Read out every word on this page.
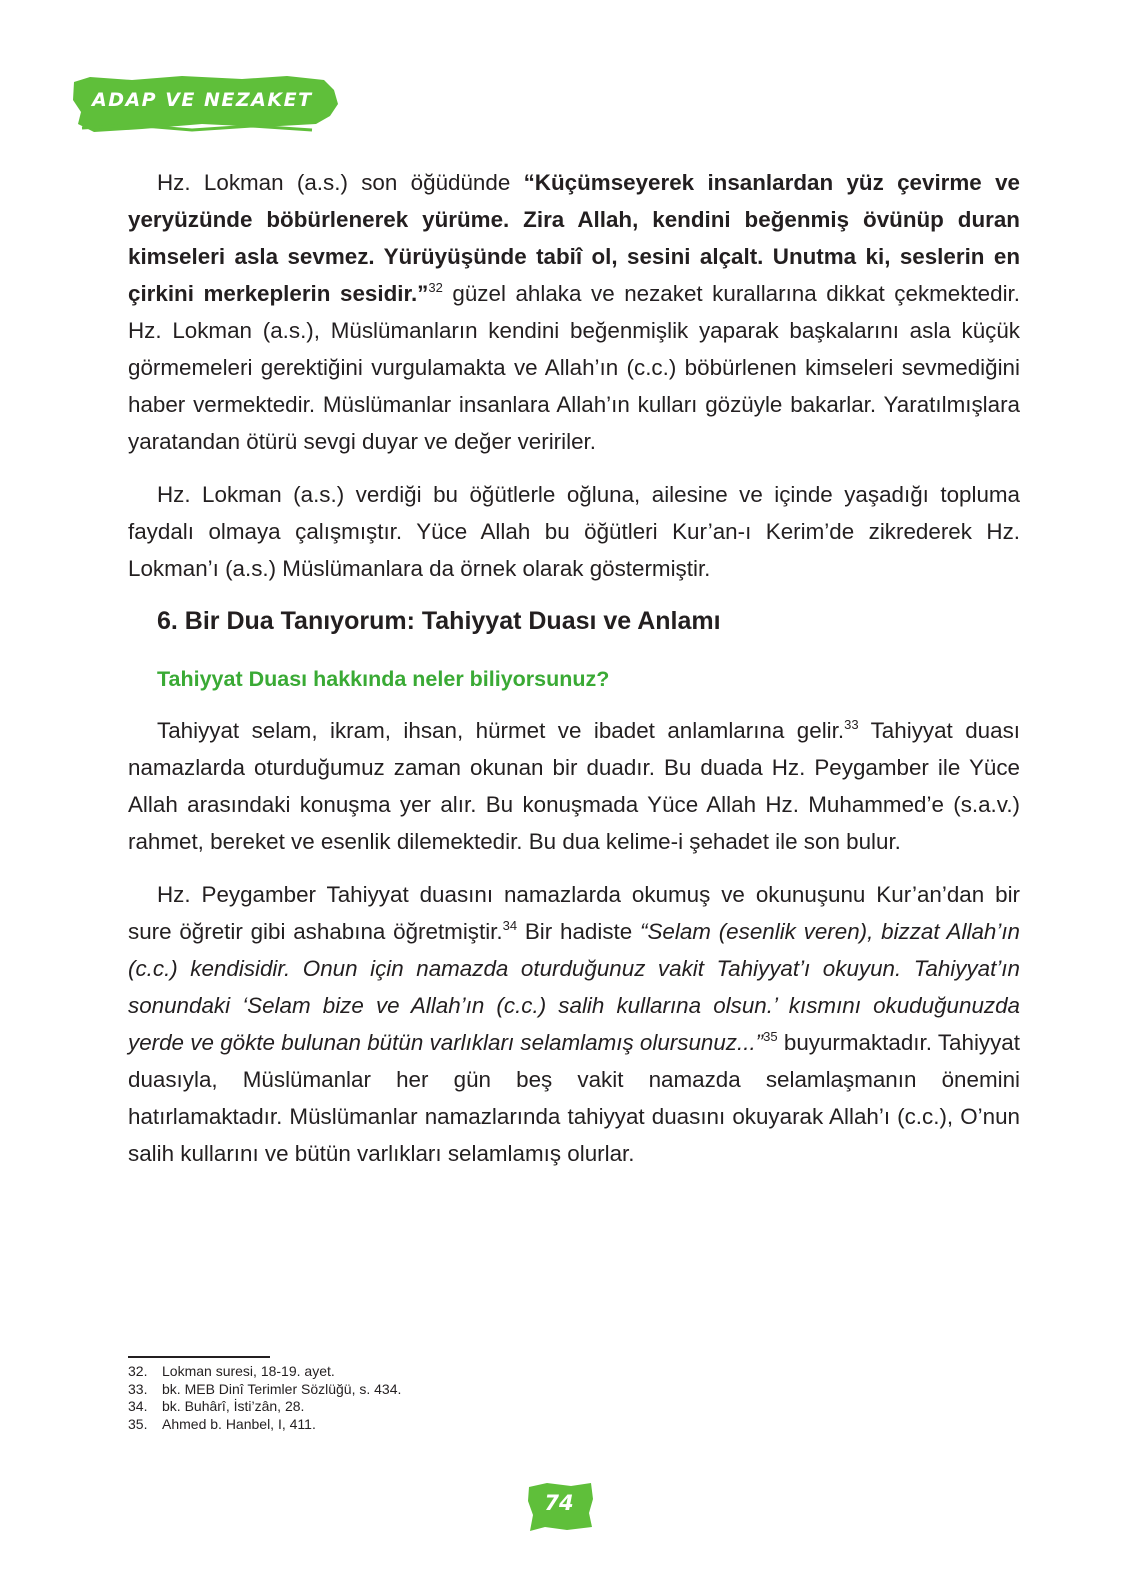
ADAP VE NEZAKET

Hz. Lokman (a.s.) son öğüdünde “Küçümseyerek insanlardan yüz çevirme ve yeryüzünde böbürlenerek yürüme. Zira Allah, kendini beğenmiş övünüp duran kimseleri asla sevmez. Yürüyüşünde tabiî ol, sesini alçalt. Unutma ki, seslerin en çirkini merkeplerin sesidir.”$^{32}$ güzel ahlaka ve nezaket kurallarına dikkat çekmektedir. Hz. Lokman (a.s.), Müslümanların kendini beğenmişlik yaparak başkalarını asla küçük görmemeleri gerektiğini vurgulamakta ve Allah’ın (c.c.) böbürlenen kimseleri sevmediğini haber vermektedir. Müslümanlar insanlara Allah’ın kulları gözüyle bakarlar. Yaratılmışlara yaratandan ötürü sevgi duyar ve değer veririler.

Hz. Lokman (a.s.) verdiği bu öğütlerle oğluna, ailesine ve içinde yaşadığı topluma faydalı olmaya çalışmıştır. Yüce Allah bu öğütleri Kur’an-ı Kerim’de zikrederek Hz. Lokman’ı (a.s.) Müslümanlara da örnek olarak göstermiştir.

6. Bir Dua Tanıyorum: Tahiyyat Duası ve Anlamı
Tahiyyat Duası hakkında neler biliyorsunuz?

Tahiyyat selam, ikram, ihsan, hürmet ve ibadet anlamlarına gelir.$^{33}$ Tahiyyat duası namazlarda oturduğumuz zaman okunan bir duadır. Bu duada Hz. Peygamber ile Yüce Allah arasındaki konuşma yer alır. Bu konuşmada Yüce Allah Hz. Muhammed’e (s.a.v.) rahmet, bereket ve esenlik dilemektedir. Bu dua kelime-i şehadet ile son bulur.

Hz. Peygamber Tahiyyat duasını namazlarda okumuş ve okunuşunu Kur’an’dan bir sure öğretir gibi ashabına öğretmiştir.$^{34}$ Bir hadiste “Selam (esenlik veren), bizzat Allah’ın (c.c.) kendisidir. Onun için namazda oturduğunuz vakit Tahiyyat’ı okuyun. Tahiyyat’ın sonundaki ‘Selam bize ve Allah’ın (c.c.) salih kullarına olsun.’ kısmını okuduğunuzda yerde ve gökte bulunan bütün varlıkları selamlamış olursunuz...”$^{35}$ buyurmaktadır. Tahiyyat duasıyla, Müslümanlar her gün beş vakit namazda selamlaşmanın önemini hatırlamaktadır. Müslümanlar namazlarında tahiyyat duasını okuyarak Allah’ı (c.c.), O’nun salih kullarını ve bütün varlıkları selamlamış olurlar.

32. Lokman suresi, 18-19. ayet.
33. bk. MEB Dinî Terimler Sözlüğü, s. 434.
34. bk. Buhârî, İsti’zân, 28.
35. Ahmed b. Hanbel, I, 411.
74
